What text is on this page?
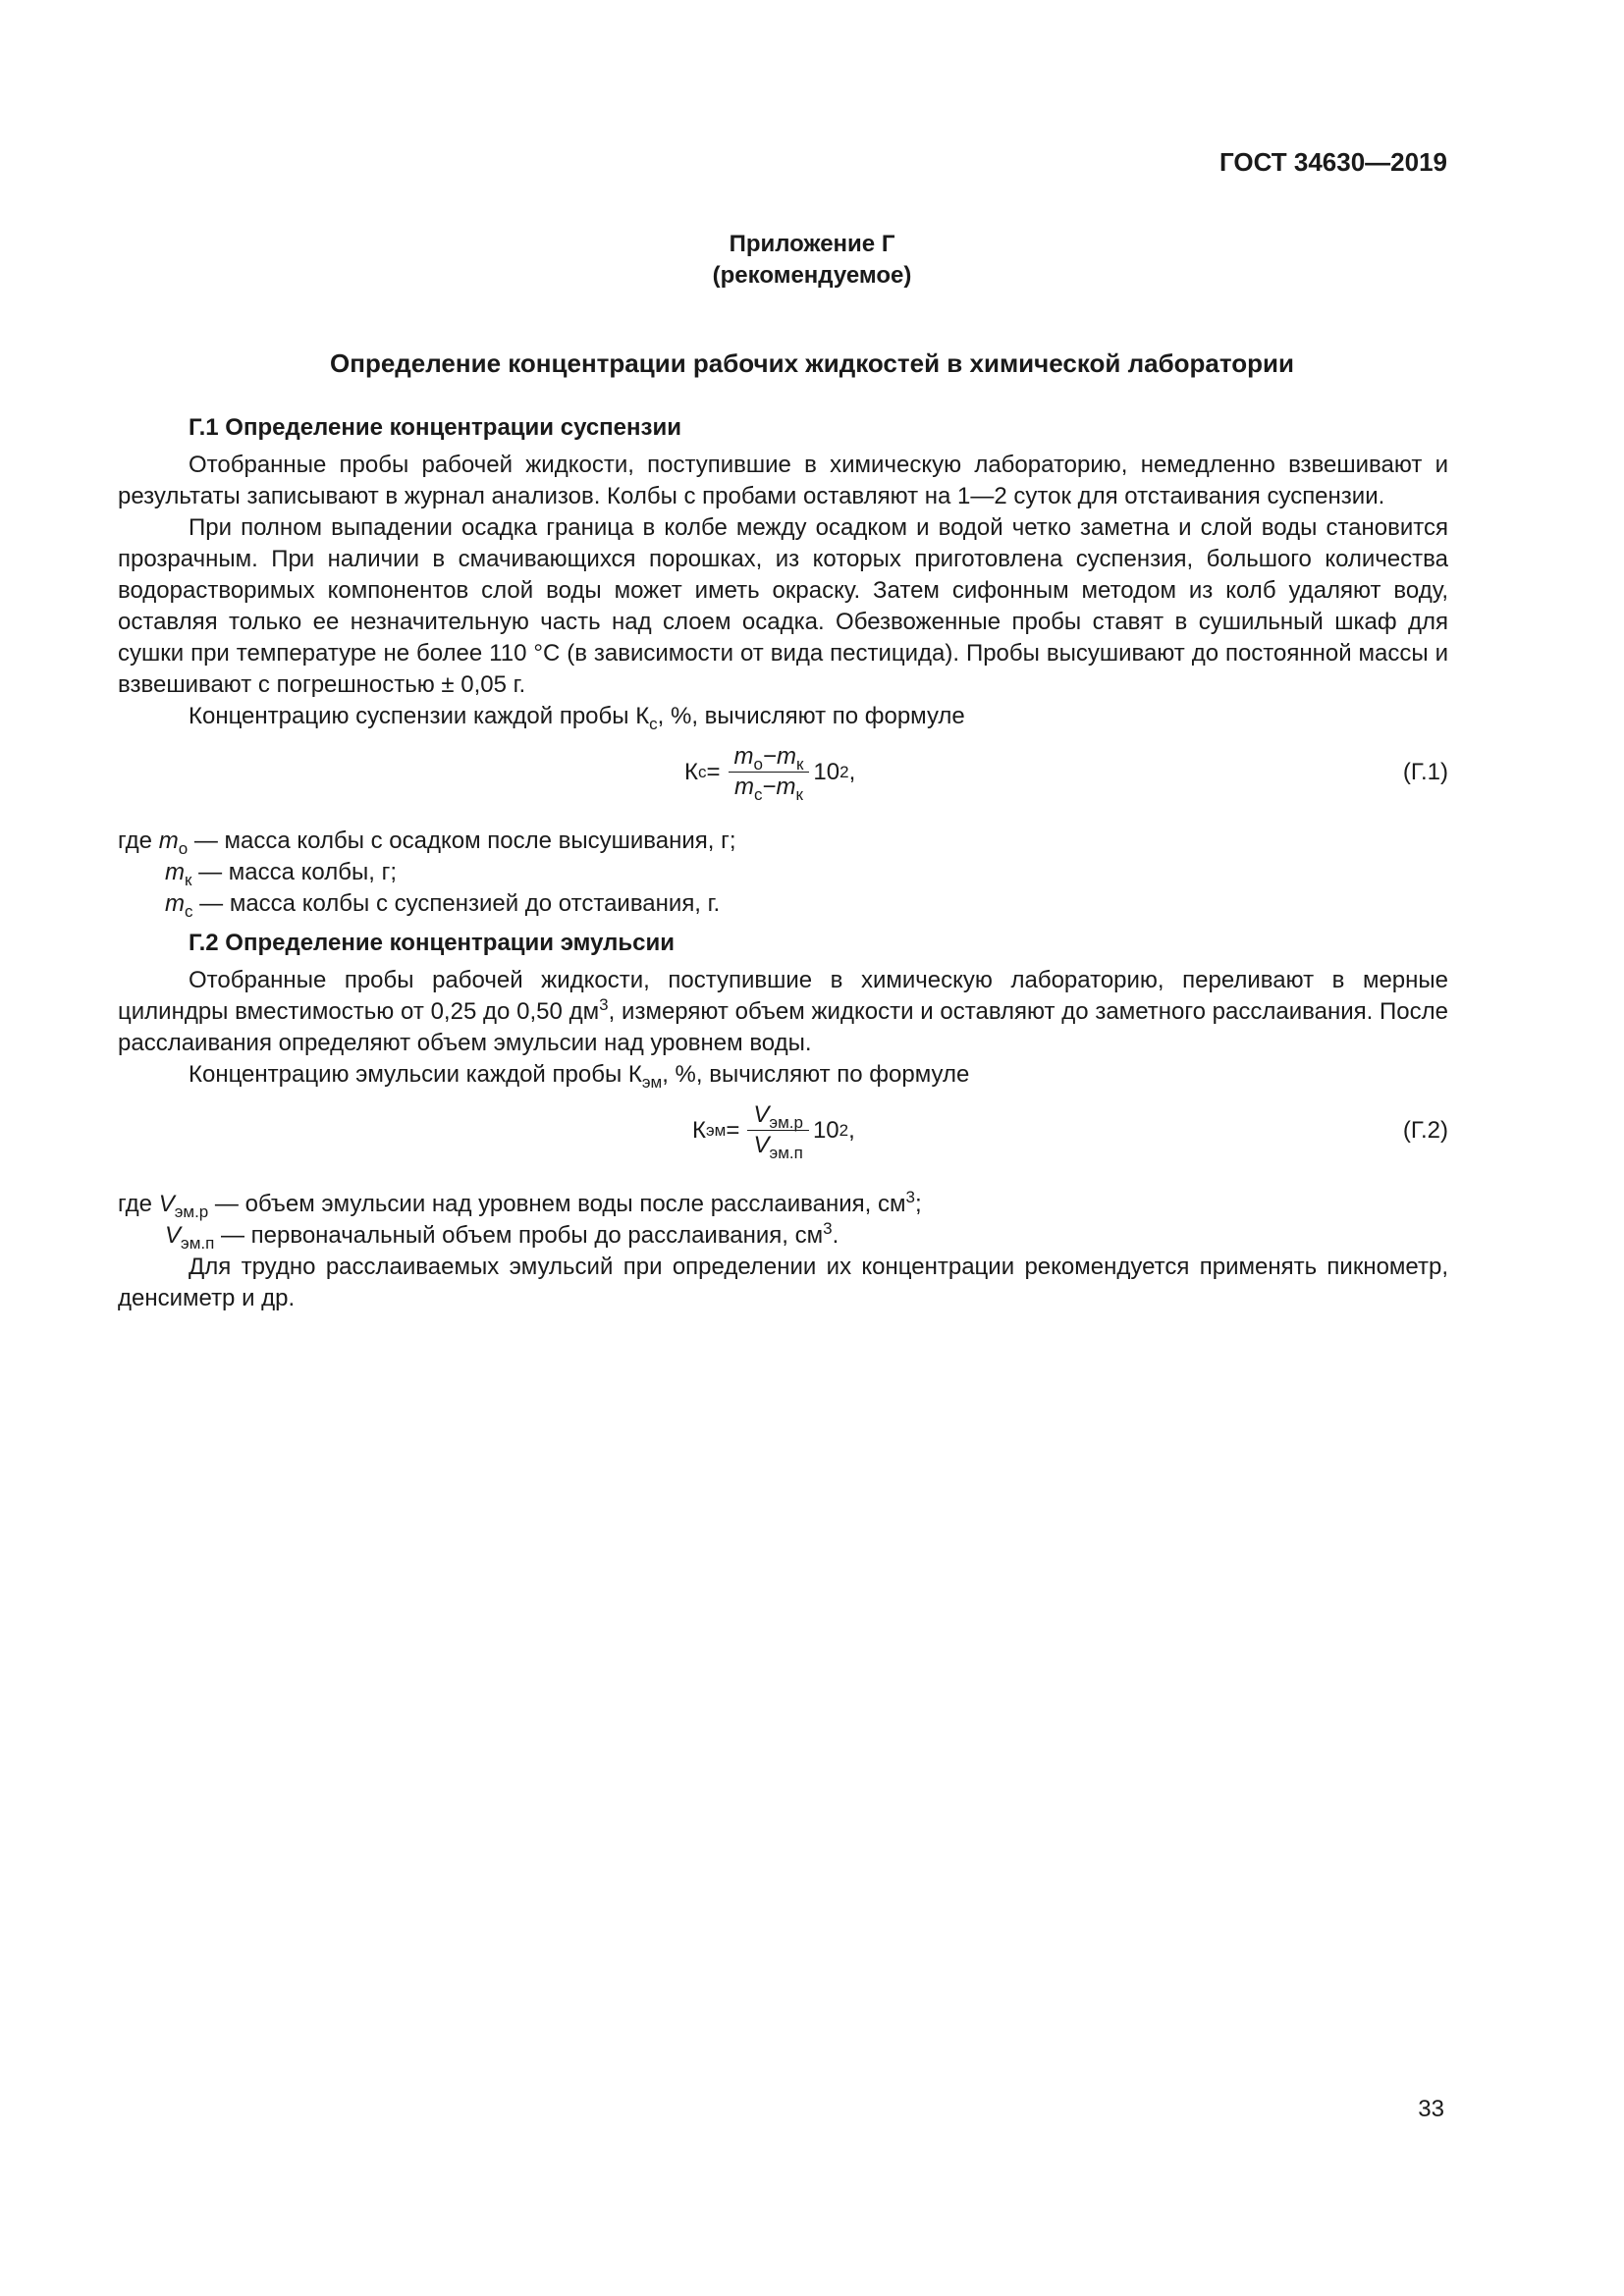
ГОСТ 34630—2019
Приложение Г
(рекомендуемое)
Определение концентрации рабочих жидкостей в химической лаборатории

Г.1 Определение концентрации суспензии

Отобранные пробы рабочей жидкости, поступившие в химическую лабораторию, немедленно взвешивают и результаты записывают в журнал анализов. Колбы с пробами оставляют на 1—2 суток для отстаивания суспензии.

При полном выпадении осадка граница в колбе между осадком и водой четко заметна и слой воды становится прозрачным. При наличии в смачивающихся порошках, из которых приготовлена суспензия, большого количества водорастворимых компонентов слой воды может иметь окраску. Затем сифонным методом из колб удаляют воду, оставляя только ее незначительную часть над слоем осадка. Обезвоженные пробы ставят в сушильный шкаф для сушки при температуре не более 110 °С (в зависимости от вида пестицида). Пробы высушивают до постоянной массы и взвешивают с погрешностью ± 0,05 г.

Концентрацию суспензии каждой пробы $К_с$, %, вычисляют по формуле

К $с = \frac{m_о-m_к}{m_с-m_к} 10$ 2 ,	(Г.1)

где $m_о$ — масса колбы с осадком после высушивания, г;

$m_к$ — масса колбы, г;

$m_с$ — масса колбы с суспензией до отстаивания, г.

Г.2 Определение концентрации эмульсии

Отобранные пробы рабочей жидкости, поступившие в химическую лабораторию, переливают в мерные цилиндры вместимостью от 0,25 до 0,50 $дм^3$, измеряют объем жидкости и оставляют до заметного расслаивания. После расслаивания определяют объем эмульсии над уровнем воды.

Концентрацию эмульсии каждой пробы $К_{эм}$, %, вычисляют по формуле

К эм = $\frac{V_{эм.р}}{V_{эм.п}} 10$ 2 ,	(Г.2)

где $V_{эм.р}$ — объем эмульсии над уровнем воды после расслаивания, $см^3$;

$V_{эм.п}$ — первоначальный объем пробы до расслаивания, $см^3$.

Для трудно расслаиваемых эмульсий при определении их концентрации рекомендуется применять пикнометр, денсиметр и др.

33
